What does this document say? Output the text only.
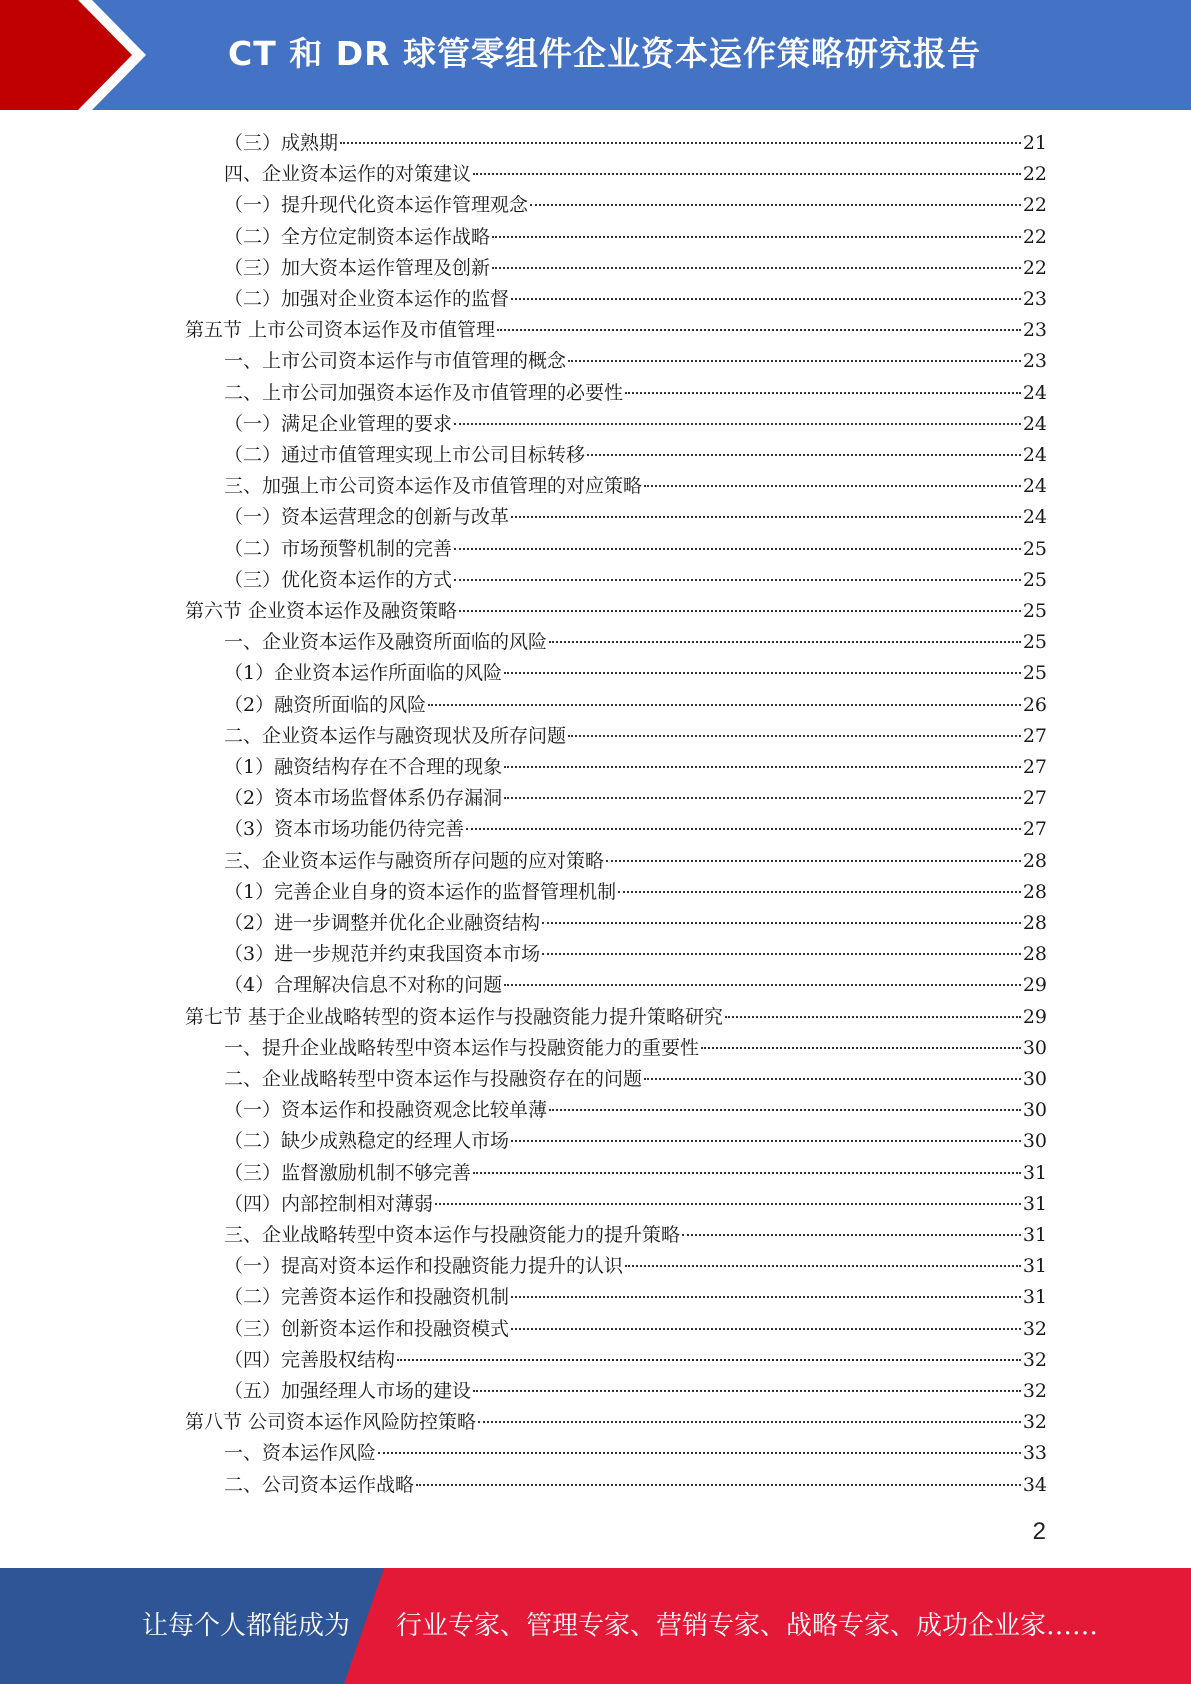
CT 和 DR 球管零组件企业资本运作策略研究报告
（三）成熟期	21
四、企业资本运作的对策建议	22
（一）提升现代化资本运作管理观念	22
（二）全方位定制资本运作战略	22
（三）加大资本运作管理及创新	22
（二）加强对企业资本运作的监督	23
第五节 上市公司资本运作及市值管理	23
一、上市公司资本运作与市值管理的概念	23
二、上市公司加强资本运作及市值管理的必要性	24
（一）满足企业管理的要求	24
（二）通过市值管理实现上市公司目标转移	24
三、加强上市公司资本运作及市值管理的对应策略	24
（一）资本运营理念的创新与改革	24
（二）市场预警机制的完善	25
（三）优化资本运作的方式	25
第六节 企业资本运作及融资策略	25
一、企业资本运作及融资所面临的风险	25
（1）企业资本运作所面临的风险	25
（2）融资所面临的风险	26
二、企业资本运作与融资现状及所存问题	27
（1）融资结构存在不合理的现象	27
（2）资本市场监督体系仍存漏洞	27
（3）资本市场功能仍待完善	27
三、企业资本运作与融资所存问题的应对策略	28
（1）完善企业自身的资本运作的监督管理机制	28
（2）进一步调整并优化企业融资结构	28
（3）进一步规范并约束我国资本市场	28
（4）合理解决信息不对称的问题	29
第七节 基于企业战略转型的资本运作与投融资能力提升策略研究	29
一、提升企业战略转型中资本运作与投融资能力的重要性	30
二、企业战略转型中资本运作与投融资存在的问题	30
（一）资本运作和投融资观念比较单薄	30
（二）缺少成熟稳定的经理人市场	30
（三）监督激励机制不够完善	31
（四）内部控制相对薄弱	31
三、企业战略转型中资本运作与投融资能力的提升策略	31
（一）提高对资本运作和投融资能力提升的认识	31
（二）完善资本运作和投融资机制	31
（三）创新资本运作和投融资模式	32
（四）完善股权结构	32
（五）加强经理人市场的建设	32
第八节 公司资本运作风险防控策略	32
一、资本运作风险	33
二、公司资本运作战略	34
2
让每个人都能成为 行业专家、管理专家、营销专家、战略专家、成功企业家……
